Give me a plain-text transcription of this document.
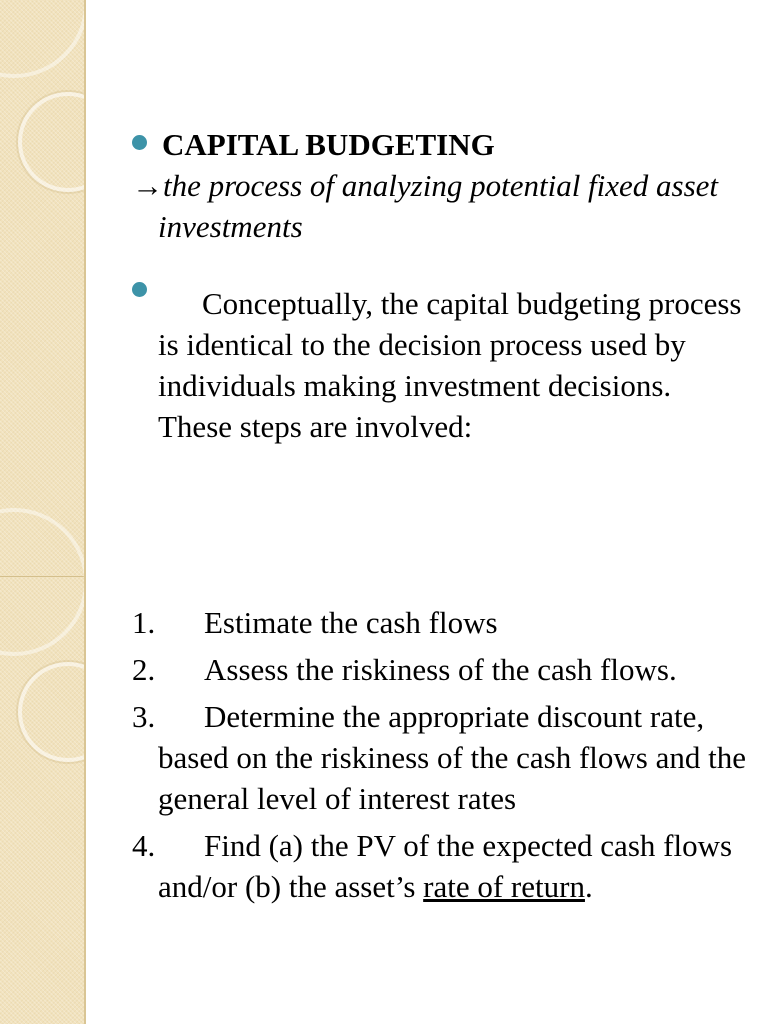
CAPITAL BUDGETING
→the process of analyzing potential fixed asset investments
Conceptually, the capital budgeting process is identical to the decision process used by individuals making investment decisions. These steps are involved:
1. Estimate the cash flows
2. Assess the riskiness of the cash flows.
3. Determine the appropriate discount rate, based on the riskiness of the cash flows and the general level of interest rates
4. Find (a) the PV of the expected cash flows and/or (b) the asset’s rate of return.
